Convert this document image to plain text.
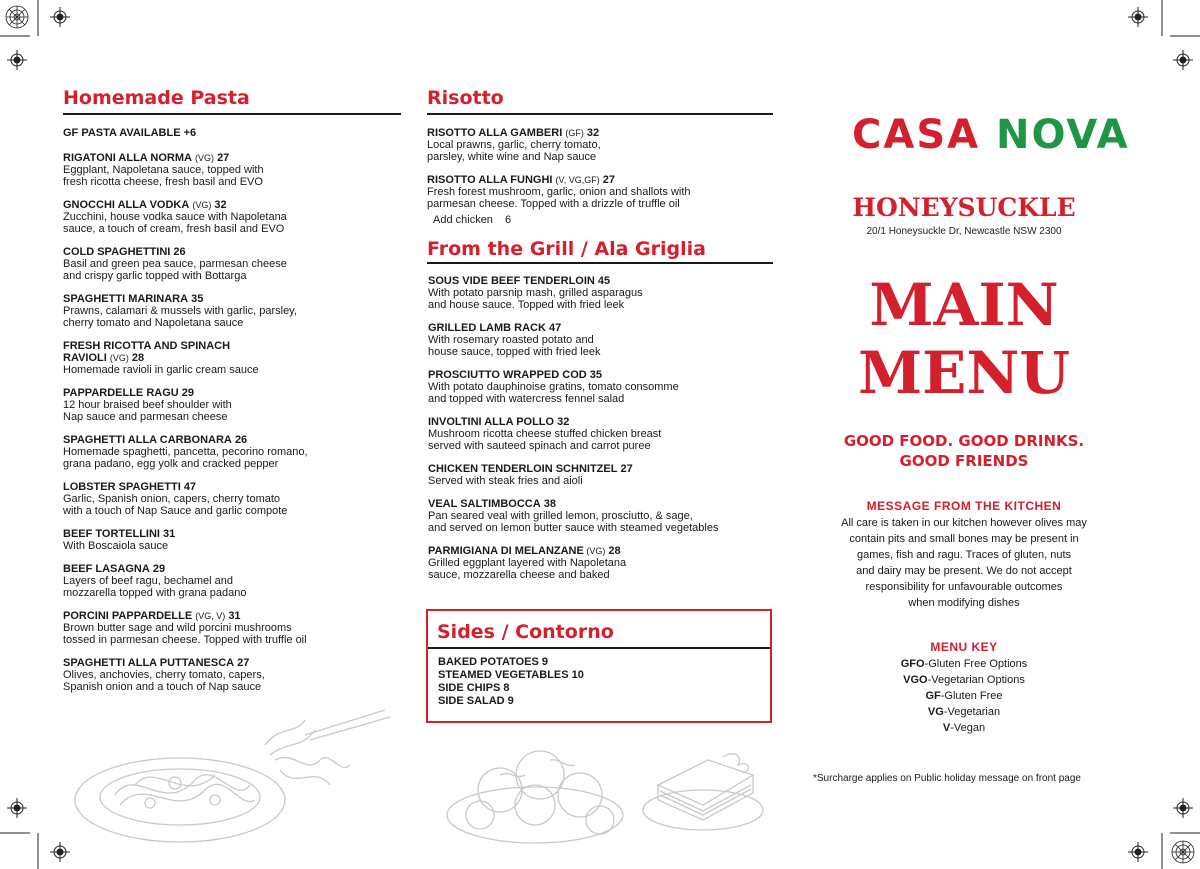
Homemade Pasta
GF PASTA AVAILABLE +6
RIGATONI ALLA NORMA (VG) 27
Eggplant, Napoletana sauce, topped with
fresh ricotta cheese, fresh basil and EVO
GNOCCHI ALLA VODKA (VG) 32
Zucchini, house vodka sauce with Napoletana
sauce, a touch of cream, fresh basil and EVO
COLD SPAGHETTINI 26
Basil and green pea sauce, parmesan cheese
and crispy garlic topped with Bottarga
SPAGHETTI MARINARA 35
Prawns, calamari & mussels with garlic, parsley,
cherry tomato and Napoletana sauce
FRESH RICOTTA AND SPINACH
RAVIOLI (VG) 28
Homemade ravioli in garlic cream sauce
PAPPARDELLE RAGU 29
12 hour braised beef shoulder with
Nap sauce and parmesan cheese
SPAGHETTI ALLA CARBONARA 26
Homemade spaghetti, pancetta, pecorino romano,
grana padano, egg yolk and cracked pepper
LOBSTER SPAGHETTI 47
Garlic, Spanish onion, capers, cherry tomato
with a touch of Nap Sauce and garlic compote
BEEF TORTELLINI 31
With Boscaiola sauce
BEEF LASAGNA 29
Layers of beef ragu, bechamel and
mozzarella topped with grana padano
PORCINI PAPPARDELLE (VG, V) 31
Brown butter sage and wild porcini mushrooms
tossed in parmesan cheese. Topped with truffle oil
SPAGHETTI ALLA PUTTANESCA 27
Olives, anchovies, cherry tomato, capers,
Spanish onion and a touch of Nap sauce
Risotto
RISOTTO ALLA GAMBERI (GF) 32
Local prawns, garlic, cherry tomato,
parsley, white wine and Nap sauce
RISOTTO ALLA FUNGHI (V, VG,GF) 27
Fresh forest mushroom, garlic, onion and shallots with
parmesan cheese. Topped with a drizzle of truffle oil
Add chicken 6
From the Grill / Ala Griglia
SOUS VIDE BEEF TENDERLOIN 45
With potato parsnip mash, grilled asparagus
and house sauce. Topped with fried leek
GRILLED LAMB RACK 47
With rosemary roasted potato and
house sauce, topped with fried leek
PROSCIUTTO WRAPPED COD 35
With potato dauphinoise gratins, tomato consomme
and topped with watercress fennel salad
INVOLTINI ALLA POLLO 32
Mushroom ricotta cheese stuffed chicken breast
served with sauteed spinach and carrot puree
CHICKEN TENDERLOIN SCHNITZEL 27
Served with steak fries and aioli
VEAL SALTIMBOCCA 38
Pan seared veal with grilled lemon, prosciutto, & sage,
and served on lemon butter sauce with steamed vegetables
PARMIGIANA DI MELANZANE (VG) 28
Grilled eggplant layered with Napoletana
sauce, mozzarella cheese and baked
Sides / Contorno
BAKED POTATOES 9
STEAMED VEGETABLES 10
SIDE CHIPS 8
SIDE SALAD 9
CASA NOVA
HONEYSUCKLE
20/1 Honeysuckle Dr, Newcastle NSW 2300
MAIN
MENU
GOOD FOOD. GOOD DRINKS.
GOOD FRIENDS
MESSAGE FROM THE KITCHEN
All care is taken in our kitchen however olives may
contain pits and small bones may be present in
games, fish and ragu. Traces of gluten, nuts
and dairy may be present. We do not accept
responsibility for unfavourable outcomes
when modifying dishes
MENU KEY
GFO-Gluten Free Options
VGO-Vegetarian Options
GF-Gluten Free
VG-Vegetarian
V-Vegan
*Surcharge applies on Public holiday message on front page
